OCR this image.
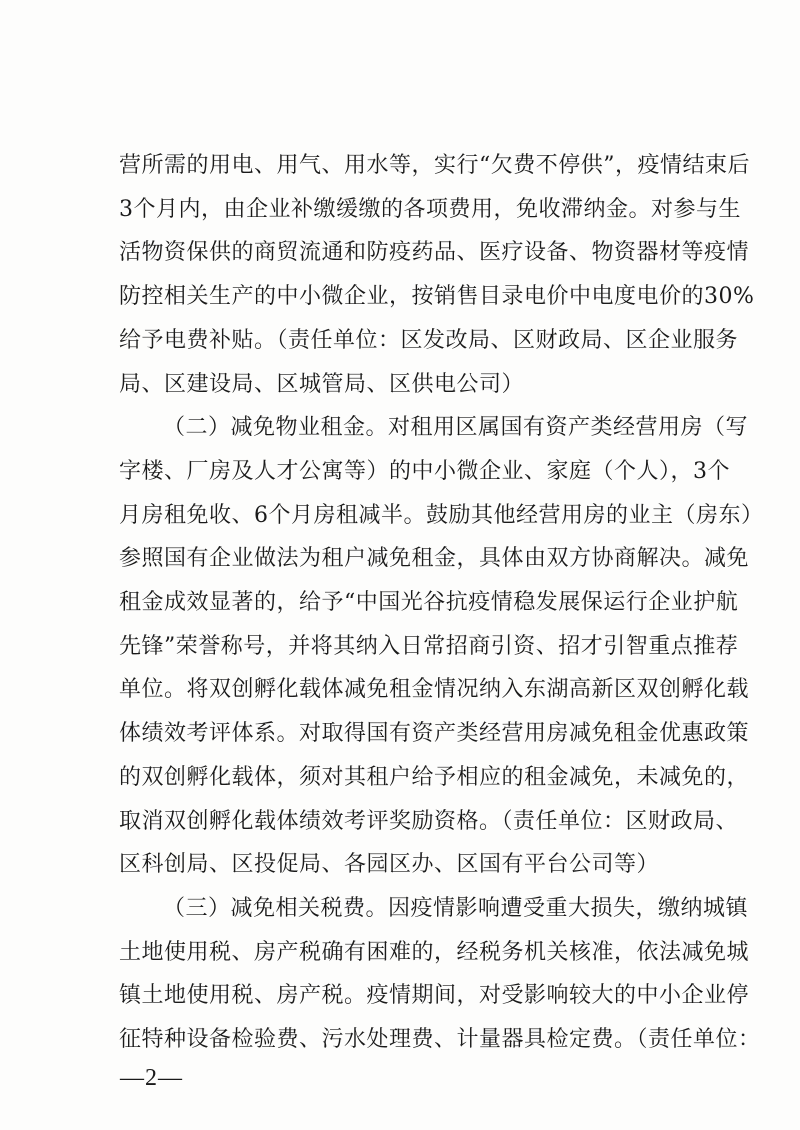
营所需的用电、用气、用水等，实行“欠费不停供”，疫情结束后
3个月内，由企业补缴缓缴的各项费用，免收滞纳金。对参与生
活物资保供的商贸流通和防疫药品、医疗设备、物资器材等疫情
防控相关生产的中小微企业，按销售目录电价中电度电价的30%
给予电费补贴。（责任单位：区发改局、区财政局、区企业服务
局、区建设局、区城管局、区供电公司）
（二）减免物业租金。对租用区属国有资产类经营用房（写
字楼、厂房及人才公寓等）的中小微企业、家庭（个人），3个
月房租免收、6个月房租减半。鼓励其他经营用房的业主（房东）
参照国有企业做法为租户减免租金，具体由双方协商解决。减免
租金成效显著的，给予“中国光谷抗疫情稳发展保运行企业护航
先锋”荣誉称号，并将其纳入日常招商引资、招才引智重点推荐
单位。将双创孵化载体减免租金情况纳入东湖高新区双创孵化载
体绩效考评体系。对取得国有资产类经营用房减免租金优惠政策
的双创孵化载体，须对其租户给予相应的租金减免，未减免的，
取消双创孵化载体绩效考评奖励资格。（责任单位：区财政局、
区科创局、区投促局、各园区办、区国有平台公司等）
（三）减免相关税费。因疫情影响遭受重大损失，缴纳城镇
土地使用税、房产税确有困难的，经税务机关核准，依法减免城
镇土地使用税、房产税。疫情期间，对受影响较大的中小企业停
征特种设备检验费、污水处理费、计量器具检定费。（责任单位：
—2—
